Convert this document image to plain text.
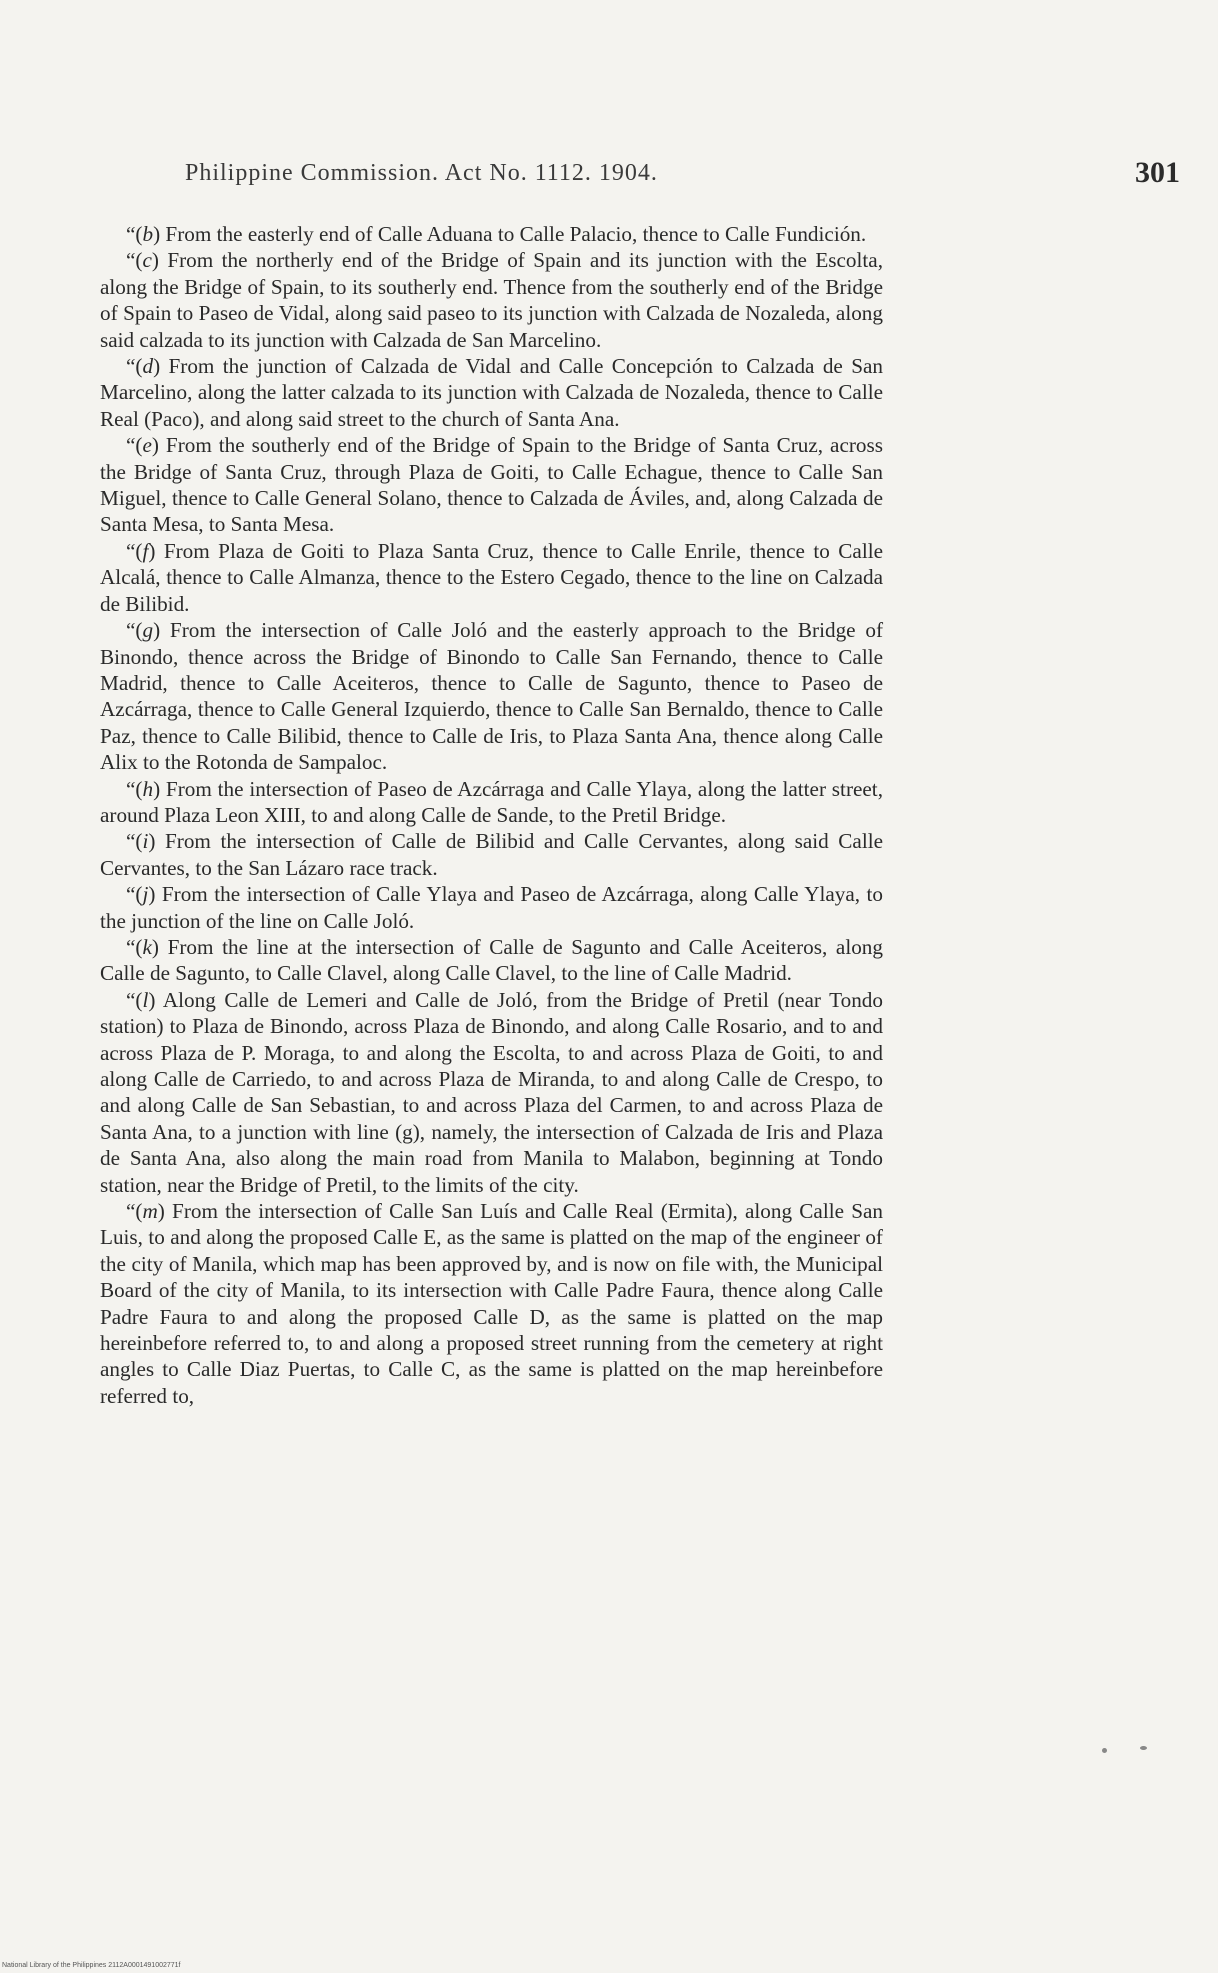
Philippine Commission. Act No. 1112. 1904.	301

“(b) From the easterly end of Calle Aduana to Calle Palacio, thence to Calle Fundición.

“(c) From the northerly end of the Bridge of Spain and its junction with the Escolta, along the Bridge of Spain, to its southerly end. Thence from the southerly end of the Bridge of Spain to Paseo de Vidal, along said paseo to its junction with Calzada de Nozaleda, along said calzada to its junction with Calzada de San Marcelino.

“(d) From the junction of Calzada de Vidal and Calle Concepción to Calzada de San Marcelino, along the latter calzada to its junction with Calzada de Nozaleda, thence to Calle Real (Paco), and along said street to the church of Santa Ana.

“(e) From the southerly end of the Bridge of Spain to the Bridge of Santa Cruz, across the Bridge of Santa Cruz, through Plaza de Goiti, to Calle Echague, thence to Calle San Miguel, thence to Calle General Solano, thence to Calzada de Áviles, and, along Calzada de Santa Mesa, to Santa Mesa.

“(f) From Plaza de Goiti to Plaza Santa Cruz, thence to Calle Enrile, thence to Calle Alcalá, thence to Calle Almanza, thence to the Estero Cegado, thence to the line on Calzada de Bilibid.

“(g) From the intersection of Calle Joló and the easterly approach to the Bridge of Binondo, thence across the Bridge of Binondo to Calle San Fernando, thence to Calle Madrid, thence to Calle Aceiteros, thence to Calle de Sagunto, thence to Paseo de Azcárraga, thence to Calle General Izquierdo, thence to Calle San Bernaldo, thence to Calle Paz, thence to Calle Bilibid, thence to Calle de Iris, to Plaza Santa Ana, thence along Calle Alix to the Rotonda de Sampaloc.

“(h) From the intersection of Paseo de Azcárraga and Calle Ylaya, along the latter street, around Plaza Leon XIII, to and along Calle de Sande, to the Pretil Bridge.

“(i) From the intersection of Calle de Bilibid and Calle Cervantes, along said Calle Cervantes, to the San Lázaro race track.

“(j) From the intersection of Calle Ylaya and Paseo de Azcárraga, along Calle Ylaya, to the junction of the line on Calle Joló.

“(k) From the line at the intersection of Calle de Sagunto and Calle Aceiteros, along Calle de Sagunto, to Calle Clavel, along Calle Clavel, to the line of Calle Madrid.

“(l) Along Calle de Lemeri and Calle de Joló, from the Bridge of Pretil (near Tondo station) to Plaza de Binondo, across Plaza de Binondo, and along Calle Rosario, and to and across Plaza de P. Moraga, to and along the Escolta, to and across Plaza de Goiti, to and along Calle de Carriedo, to and across Plaza de Miranda, to and along Calle de Crespo, to and along Calle de San Sebastian, to and across Plaza del Carmen, to and across Plaza de Santa Ana, to a junction with line (g), namely, the intersection of Calzada de Iris and Plaza de Santa Ana, also along the main road from Manila to Malabon, beginning at Tondo station, near the Bridge of Pretil, to the limits of the city.

“(m) From the intersection of Calle San Luís and Calle Real (Ermita), along Calle San Luis, to and along the proposed Calle E, as the same is platted on the map of the engineer of the city of Manila, which map has been approved by, and is now on file with, the Municipal Board of the city of Manila, to its intersection with Calle Padre Faura, thence along Calle Padre Faura to and along the proposed Calle D, as the same is platted on the map hereinbefore referred to, to and along a proposed street running from the cemetery at right angles to Calle Diaz Puertas, to Calle C, as the same is platted on the map hereinbefore referred to,

National Library of the Philippines 2112A0001491002771f
